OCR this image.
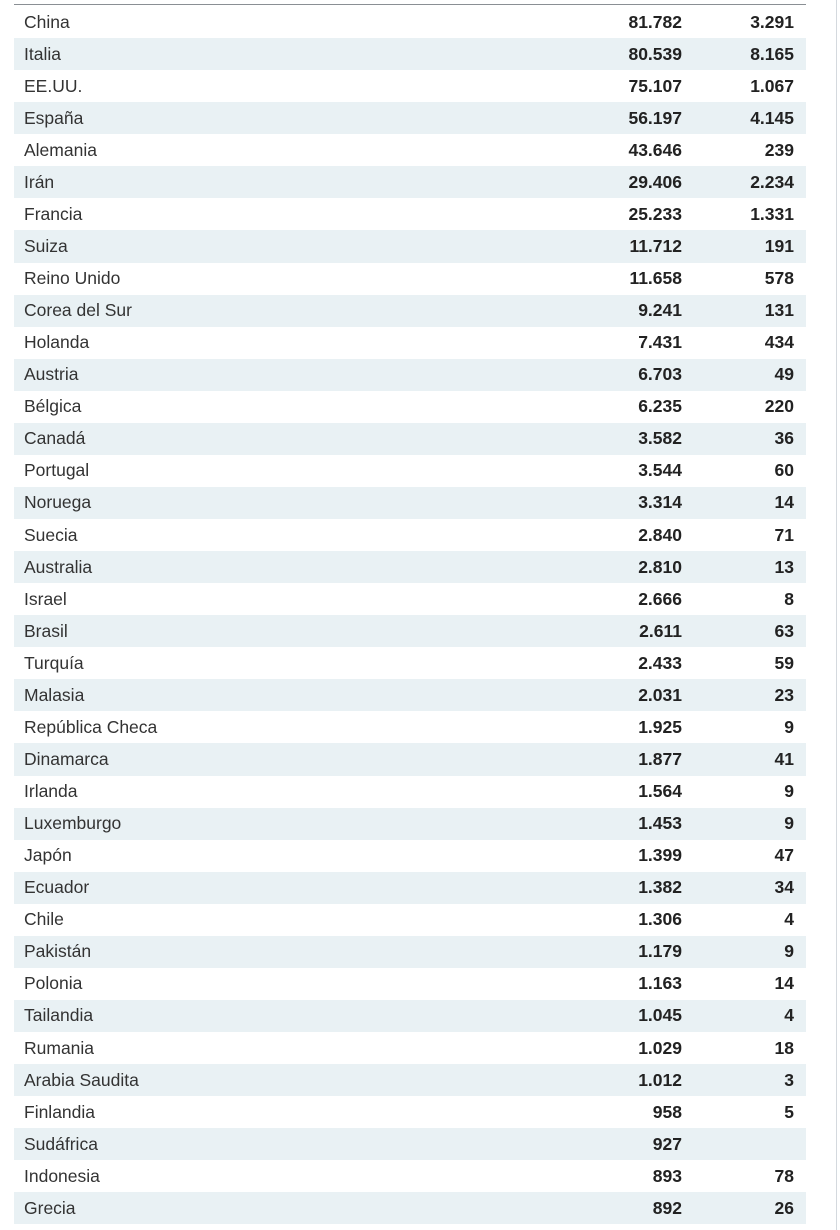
China	81.782	3.291
Italia	80.539	8.165
EE.UU.	75.107	1.067
España	56.197	4.145
Alemania	43.646	239
Irán	29.406	2.234
Francia	25.233	1.331
Suiza	11.712	191
Reino Unido	11.658	578
Corea del Sur	9.241	131
Holanda	7.431	434
Austria	6.703	49
Bélgica	6.235	220
Canadá	3.582	36
Portugal	3.544	60
Noruega	3.314	14
Suecia	2.840	71
Australia	2.810	13
Israel	2.666	8
Brasil	2.611	63
Turquía	2.433	59
Malasia	2.031	23
República Checa	1.925	9
Dinamarca	1.877	41
Irlanda	1.564	9
Luxemburgo	1.453	9
Japón	1.399	47
Ecuador	1.382	34
Chile	1.306	4
Pakistán	1.179	9
Polonia	1.163	14
Tailandia	1.045	4
Rumania	1.029	18
Arabia Saudita	1.012	3
Finlandia	958	5
Sudáfrica	927	
Indonesia	893	78
Grecia	892	26
